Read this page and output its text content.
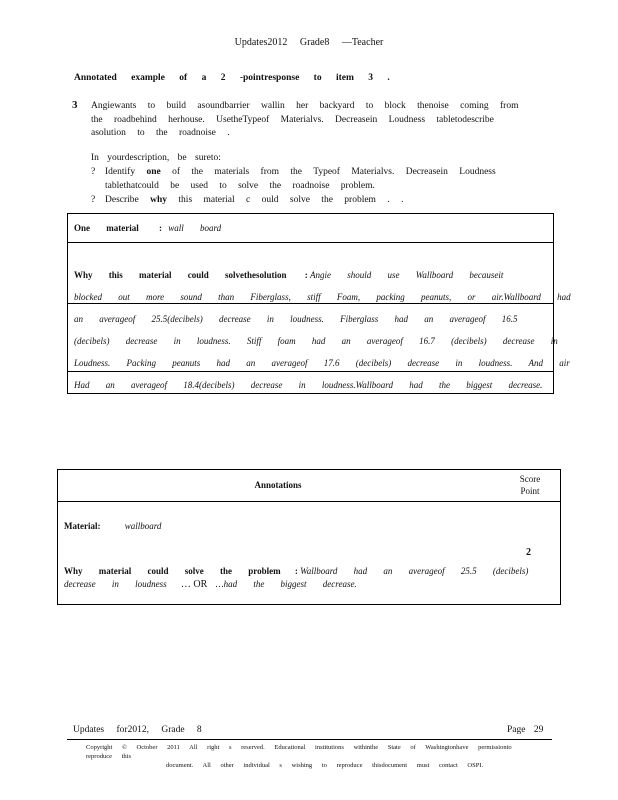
Updates2012 Grade8 —Teacher
Annotated example of a 2 -pointresponse to item 3 .
3 Angiewants to build asoundbarrier wallin her backyard to block thenoise coming from the roadbehind herhouse. UsetheTypeof Materialvs. Decreasein Loudness tabletodescribe asolution to the roadnoise .
In yourdescription, be sureto:
? Identify one of the materials from the Typeof Materialvs. Decreasein Loudness
tablethatcould be used to solve the roadnoise problem.
? Describe why this material c ould solve the problem . .
One material : wall board
Why this material could solvethesolution : Angie should use Wallboard becauseit
blocked out more sound than Fiberglass, stiff Foam, packing peanuts, or air.Wallboard had
an averageof 25.5(decibels) decrease in loudness. Fiberglass had an averageof 16.5
(decibels) decrease in loudness. Stiff foam had an averageof 16.7 (decibels) decrease in
Loudness. Packing peanuts had an averageof 17.6 (decibels) decrease in loudness. And air
Had an averageof 18.4(decibels) decrease in loudness.Wallboard had the biggest decrease.
Annotations
Score
Point
Material:	wallboard
2
Why material could solve the problem : Wallboard had an averageof 25.5 (decibels)
decrease in loudness … OR …had the biggest decrease.
Updates for2012, Grade 8	Page 29
Copyright © October 2011 All right s reserved. Educational institutions withinthe State of Washingtonhave permissionto reproduce this
document. All other individual s wishing to reproduce thisdocument must contact OSPI.
